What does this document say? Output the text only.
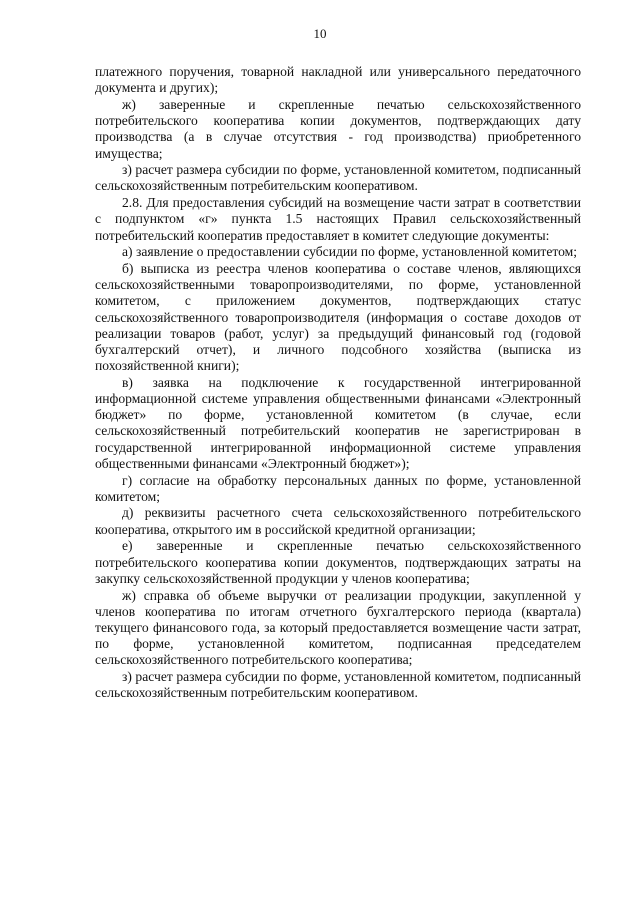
10

платежного поручения, товарной накладной или универсального передаточного документа и других);

ж) заверенные и скрепленные печатью сельскохозяйственного потребительского кооператива копии документов, подтверждающих дату производства (а в случае отсутствия - год производства) приобретенного имущества;

з) расчет размера субсидии по форме, установленной комитетом, подписанный сельскохозяйственным потребительским кооперативом.

2.8. Для предоставления субсидий на возмещение части затрат в соответствии с подпунктом «г» пункта 1.5 настоящих Правил сельскохозяйственный потребительский кооператив предоставляет в комитет следующие документы:

а) заявление о предоставлении субсидии по форме, установленной комитетом;

б) выписка из реестра членов кооператива о составе членов, являющихся сельскохозяйственными товаропроизводителями, по форме, установленной комитетом, с приложением документов, подтверждающих статус сельскохозяйственного товаропроизводителя (информация о составе доходов от реализации товаров (работ, услуг) за предыдущий финансовый год (годовой бухгалтерский отчет), и личного подсобного хозяйства (выписка из похозяйственной книги);

в) заявка на подключение к государственной интегрированной информационной системе управления общественными финансами «Электронный бюджет» по форме, установленной комитетом (в случае, если сельскохозяйственный потребительский кооператив не зарегистрирован в государственной интегрированной информационной системе управления общественными финансами «Электронный бюджет»);

г) согласие на обработку персональных данных по форме, установленной комитетом;

д) реквизиты расчетного счета сельскохозяйственного потребительского кооператива, открытого им в российской кредитной организации;

е) заверенные и скрепленные печатью сельскохозяйственного потребительского кооператива копии документов, подтверждающих затраты на закупку сельскохозяйственной продукции у членов кооператива;

ж) справка об объеме выручки от реализации продукции, закупленной у членов кооператива по итогам отчетного бухгалтерского периода (квартала) текущего финансового года, за который предоставляется возмещение части затрат, по форме, установленной комитетом, подписанная председателем сельскохозяйственного потребительского кооператива;

з) расчет размера субсидии по форме, установленной комитетом, подписанный сельскохозяйственным потребительским кооперативом.
